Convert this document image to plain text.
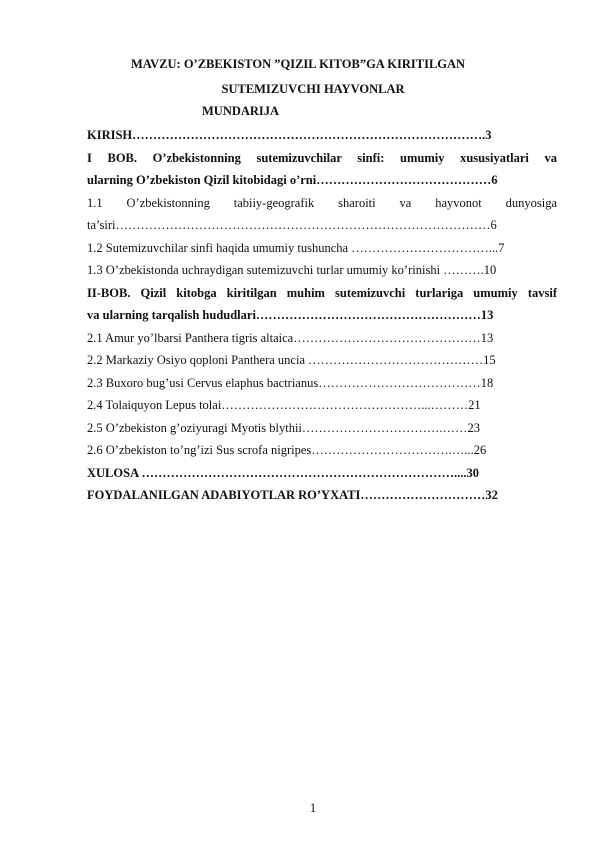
MAVZU: O’ZBEKISTON ”QIZIL KITOB”GA KIRITILGAN
SUTEMIZUVCHI HAYVONLAR
MUNDARIJA
KIRISH………………………………………………………………………….3
I BOB. O’zbekistonning sutemizuvchilar sinfi: umumiy xususiyatlari va
ularning O’zbekiston Qizil kitobidagi o’rni……………………………………6
1.1 O’zbekistonning tabiiy-geografik sharoiti va hayvonot dunyosiga
ta’siri………………………………………………………………………………6
1.2 Sutemizuvchilar sinfi haqida umumiy tushuncha ……………………………...7
1.3 O’zbekistonda uchraydigan sutemizuvchi turlar umumiy ko’rinishi ……….10
II-BOB. Qizil kitobga kiritilgan muhim sutemizuvchi turlariga umumiy tavsif
va ularning tarqalish hududlari………………………………………………13
2.1 Amur yo’lbarsi Panthera tigris altaica………………………………………13
2.2 Markaziy Osiyo qoploni Panthera uncia ……………………………………15
2.3 Buxoro bug’usi Cervus elaphus bactrianus…………………………………18
2.4 Tolaiquyon Lepus tolai…………………………………………...………21
2.5 O’zbekiston g’oziyuragi Myotis blythii…………………………….……23
2.6 O’zbekiston to’ng’izi Sus scrofa nigripes…………………………….…...26
XULOSA …………………………………………………………………....30
FOYDALANILGAN ADABIYOTLAR RO’YXATI…………………………32
1
